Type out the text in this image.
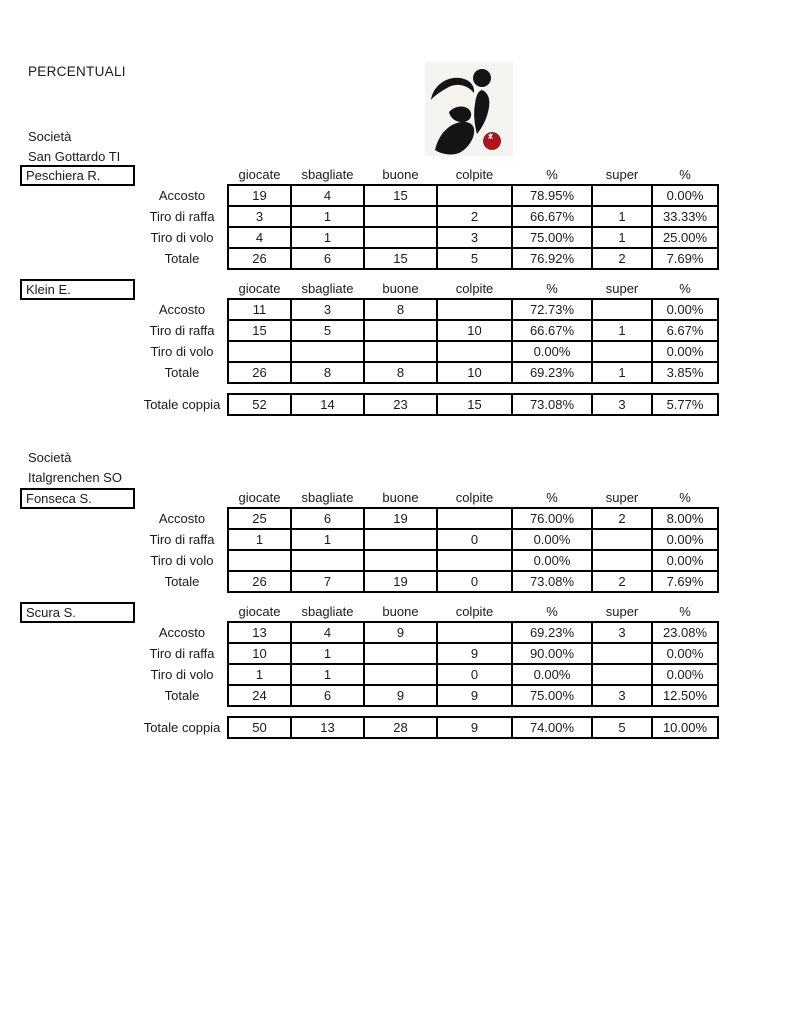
PERCENTUALI
Società
San Gottardo TI
Peschiera R.
		giocate	sbagliate	buone	colpite	%	super	%
Accosto	19	4	15		78.95%		0.00%
Tiro di raffa	3	1		2	66.67%	1	33.33%
Tiro di volo	4	1		3	75.00%	1	25.00%
Totale	26	6	15	5	76.92%	2	7.69%
Klein E.
		giocate	sbagliate	buone	colpite	%	super	%
Accosto	11	3	8		72.73%		0.00%
Tiro di raffa	15	5		10	66.67%	1	6.67%
Tiro di volo					0.00%		0.00%
Totale	26	8	8	10	69.23%	1	3.85%
Totale coppia	52	14	23	15	73.08%	3	5.77%
Società
Italgrenchen SO
Fonseca S.
		giocate	sbagliate	buone	colpite	%	super	%
Accosto	25	6	19		76.00%	2	8.00%
Tiro di raffa	1	1		0	0.00%		0.00%
Tiro di volo					0.00%		0.00%
Totale	26	7	19	0	73.08%	2	7.69%
Scura S.
		giocate	sbagliate	buone	colpite	%	super	%
Accosto	13	4	9		69.23%	3	23.08%
Tiro di raffa	10	1		9	90.00%		0.00%
Tiro di volo	1	1		0	0.00%		0.00%
Totale	24	6	9	9	75.00%	3	12.50%
Totale coppia	50	13	28	9	74.00%	5	10.00%
